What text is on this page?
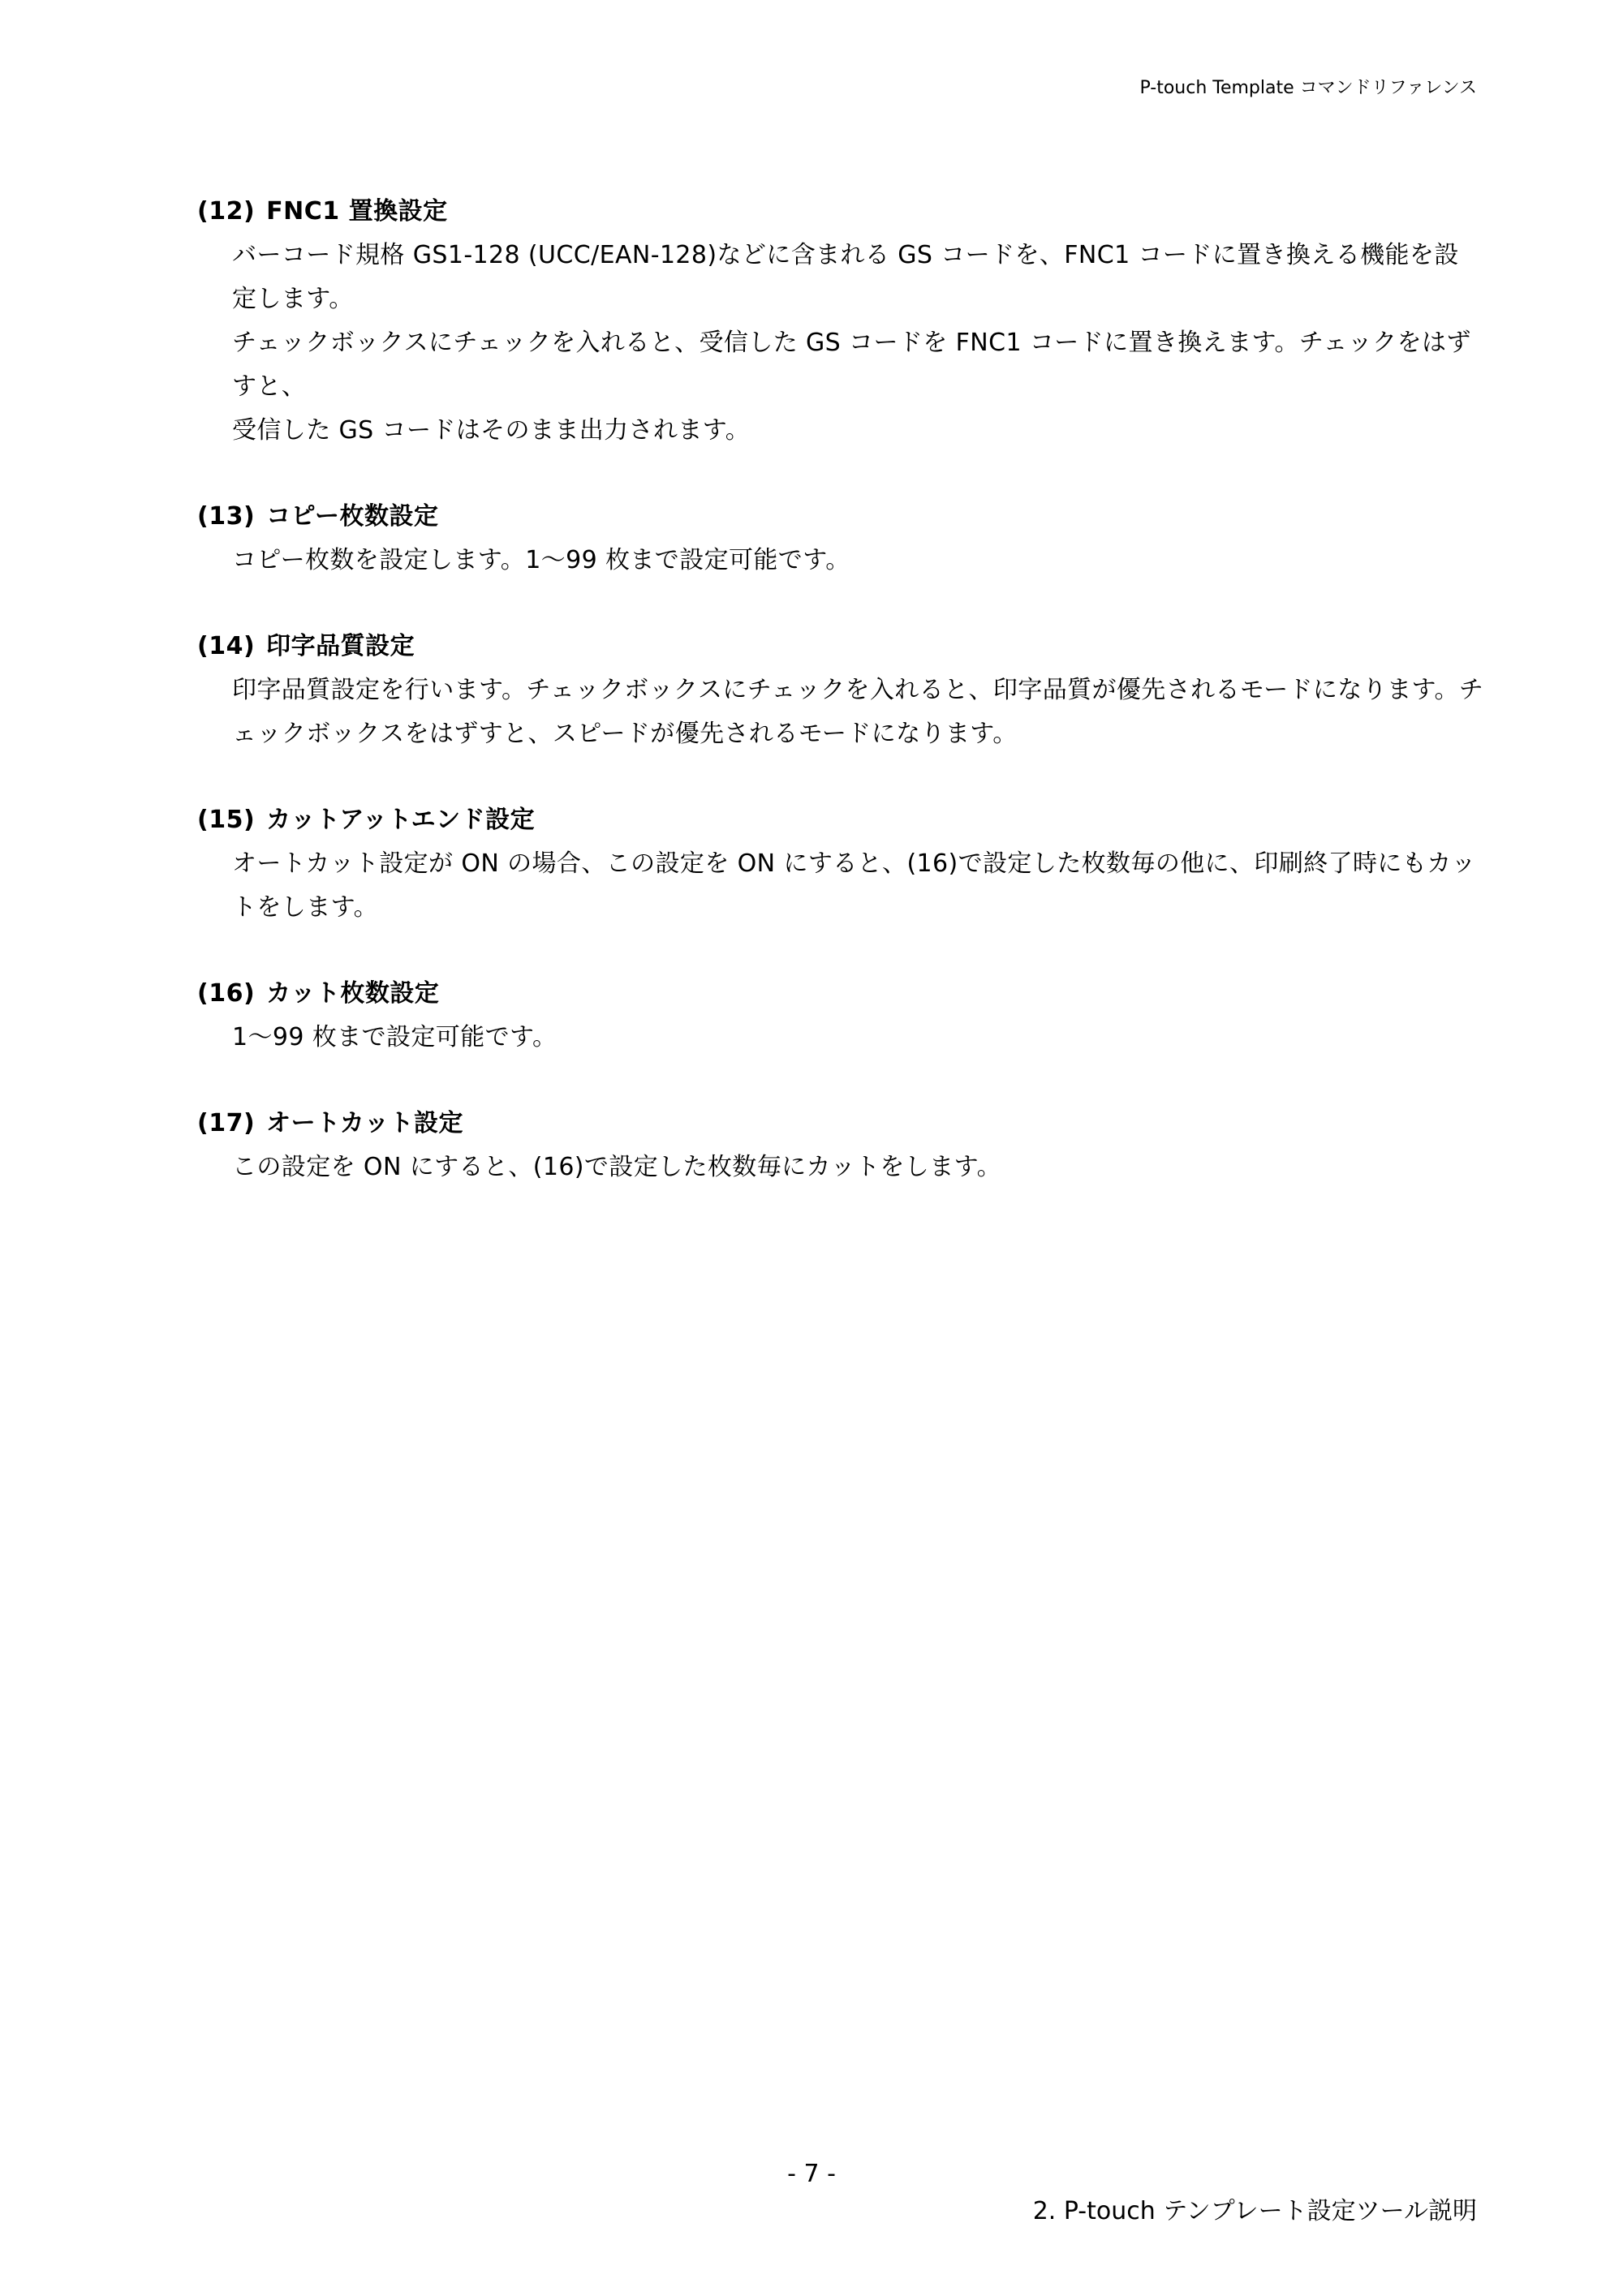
P-touch Template コマンドリファレンス
(12) FNC1 置換設定

バーコード規格 GS1-128 (UCC/EAN-128)などに含まれる GS コードを、FNC1 コードに置き換える機能を設

定します。

チェックボックスにチェックを入れると、受信した GS コードを FNC1 コードに置き換えます。チェックをはずすと、

受信した GS コードはそのまま出力されます。

(13) コピー枚数設定

コピー枚数を設定します。1～99 枚まで設定可能です。

(14) 印字品質設定

印字品質設定を行います。チェックボックスにチェックを入れると、印字品質が優先されるモードになります。チ

ェックボックスをはずすと、スピードが優先されるモードになります。

(15) カットアットエンド設定

オートカット設定が ON の場合、この設定を ON にすると、(16)で設定した枚数毎の他に、印刷終了時にもカッ

トをします。

(16) カット枚数設定

1～99 枚まで設定可能です。

(17) オートカット設定

この設定を ON にすると、(16)で設定した枚数毎にカットをします。

- 7 -
2. P-touch テンプレート設定ツール説明
